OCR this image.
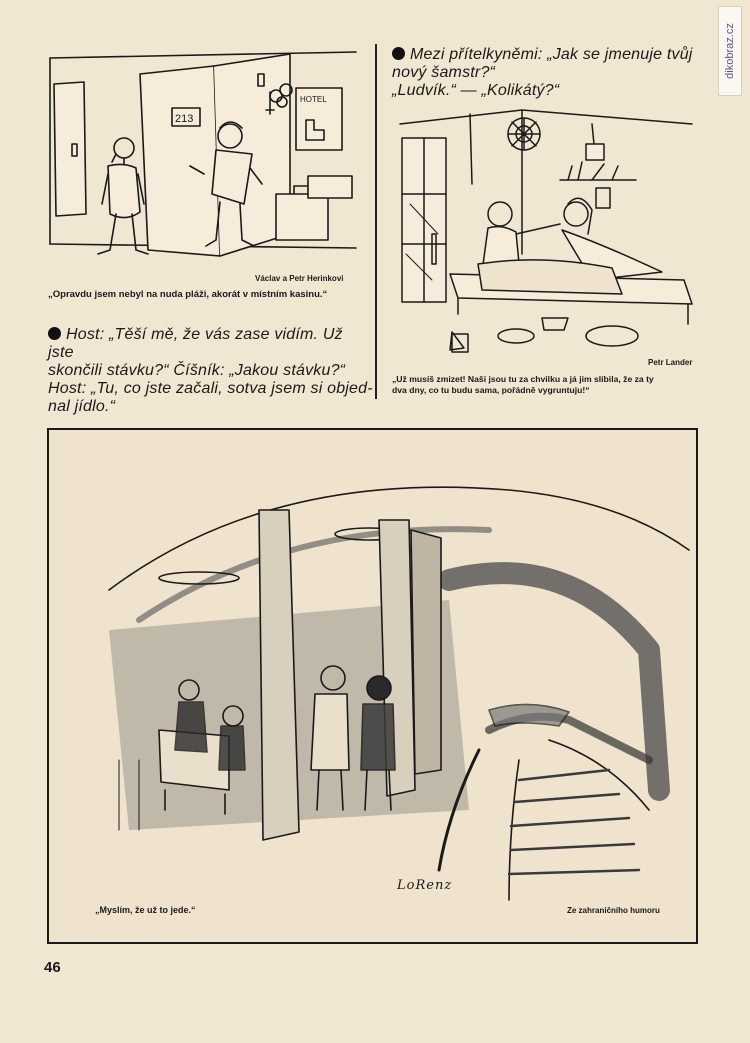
dikobraz.cz
213
HOTEL
Václav a Petr Herinkovi
„Opravdu jsem nebyl na nudа pláži, akorát v místním kasinu.“
Host: „Těší mě, že vás zase vidím. Už jste
skončili stávku?“ Číšník: „Jakou stávku?“
Host: „Tu, co jste začali, sotva jsem si objed-
nal jídlo.“
Mezi přítelkyněmi: „Jak se jmenuje tvůj
nový šamstr?“
„Ludvík.“ — „Kolikátý?“
Petr Lander
„Už musíš zmizet! Naši jsou tu za chvilku a já jim slíbila, že za ty
dva dny, co tu budu sama, pořádně vygruntuju!“
„Myslím, že už to jede.“
LoRenz
Ze zahraničního humoru
46
